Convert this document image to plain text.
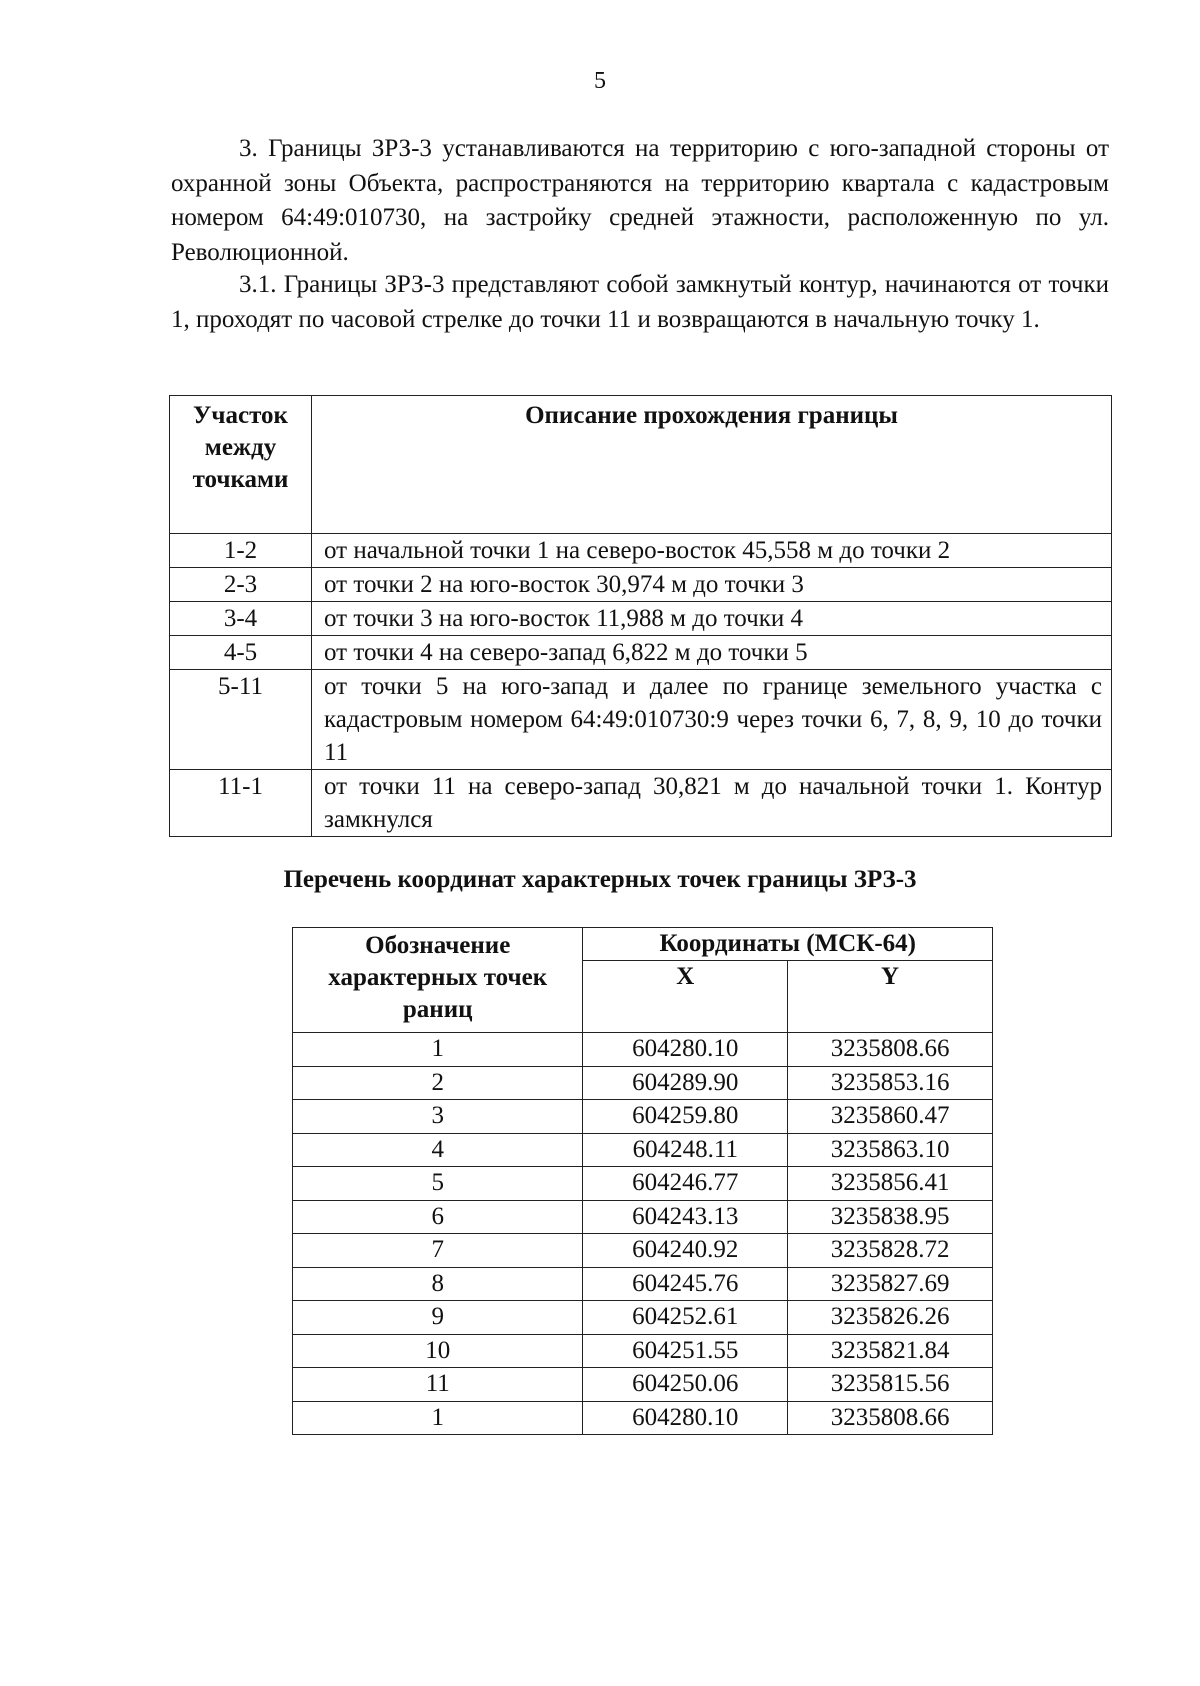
5

3. Границы ЗРЗ-3 устанавливаются на территорию с юго-западной стороны от охранной зоны Объекта, распространяются на территорию квартала с кадастровым номером 64:49:010730, на застройку средней этажности, расположенную по ул. Революционной.

3.1. Границы ЗРЗ-3 представляют собой замкнутый контур, начинаются от точки 1, проходят по часовой стрелке до точки 11 и возвращаются в начальную точку 1.

Участок между точками	Описание прохождения границы
1-2	от начальной точки 1 на северо-восток 45,558 м до точки 2
2-3	от точки 2 на юго-восток 30,974 м до точки 3
3-4	от точки 3 на юго-восток 11,988 м до точки 4
4-5	от точки 4 на северо-запад 6,822 м до точки 5
5-11	от точки 5 на юго-запад и далее по границе земельного участка с кадастровым номером 64:49:010730:9 через точки 6, 7, 8, 9, 10 до точки 11
11-1	от точки 11 на северо-запад 30,821 м до начальной точки 1. Контур замкнулся
Перечень координат характерных точек границы ЗРЗ-3
Обозначение характерных точек раниц	Координаты (МСК-64)	
	X	Y
1	604280.10	3235808.66
2	604289.90	3235853.16
3	604259.80	3235860.47
4	604248.11	3235863.10
5	604246.77	3235856.41
6	604243.13	3235838.95
7	604240.92	3235828.72
8	604245.76	3235827.69
9	604252.61	3235826.26
10	604251.55	3235821.84
11	604250.06	3235815.56
1	604280.10	3235808.66
